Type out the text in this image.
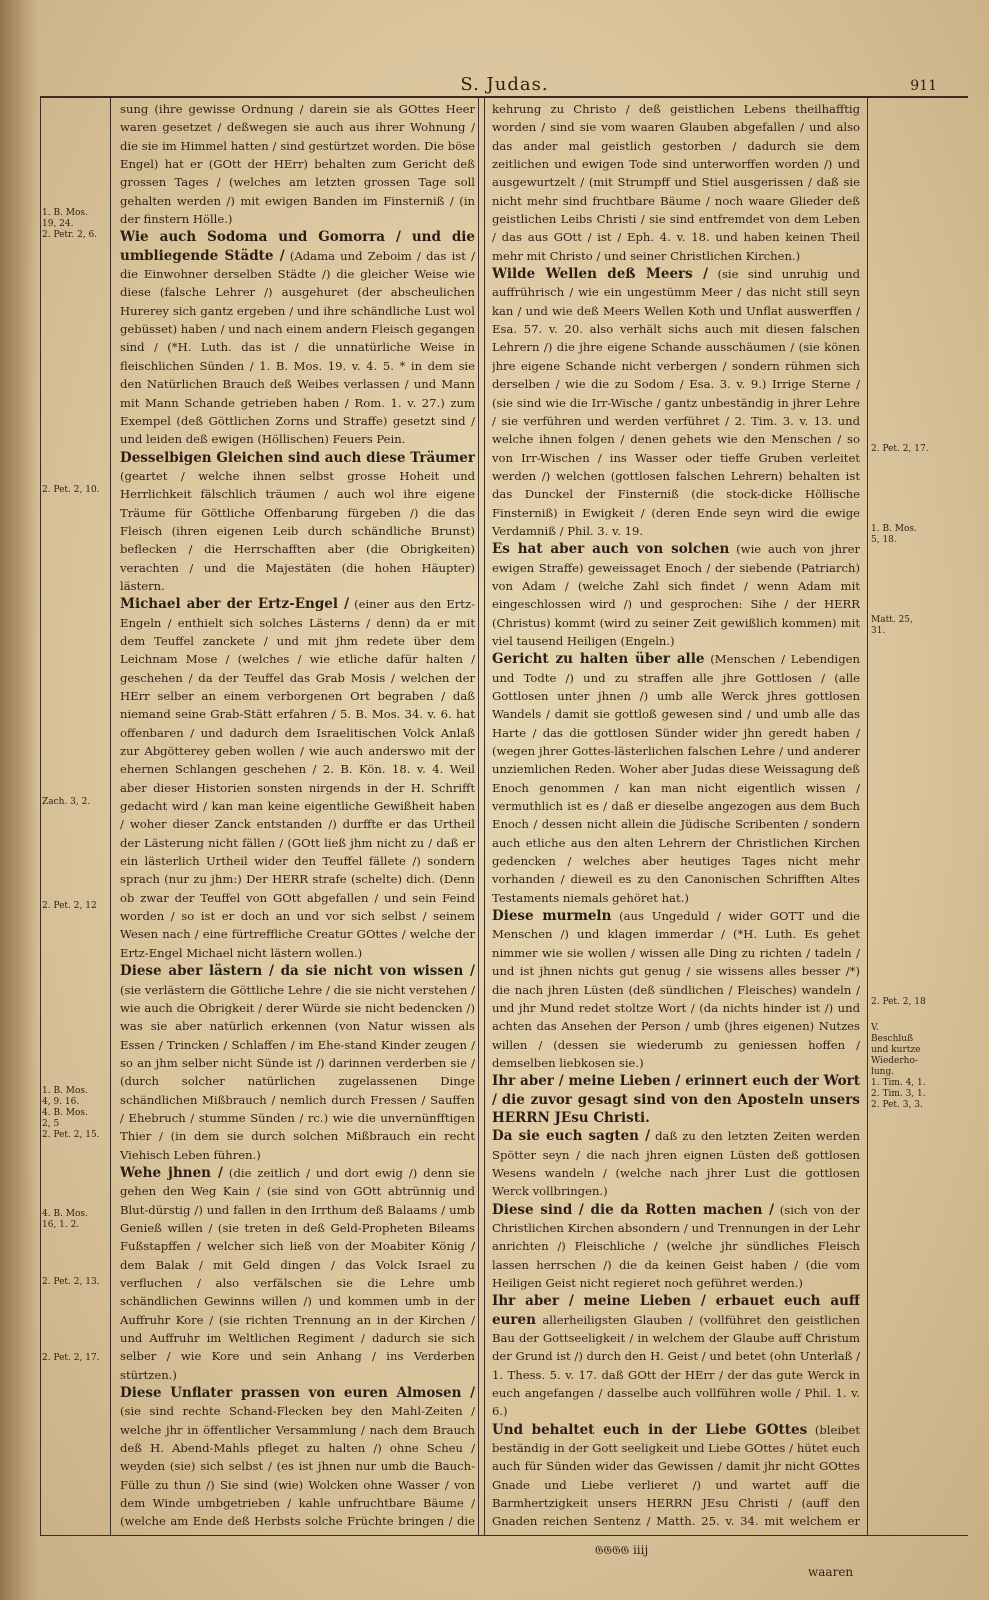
S. Judas.	911

sung (ihre gewisse Ordnung / darein sie als GOttes Heer waren gesetzet / deßwegen sie auch aus ihrer Wohnung / die sie im Himmel hatten / sind gestürtzet worden. Die böse Engel) hat er (GOtt der HErr) behalten zum Gericht deß grossen Tages / (welches am letzten grossen Tage soll gehalten werden /) mit ewigen Banden im Finsterniß / (in der finstern Hölle.)

Wie auch Sodoma und Gomorra / und die umbliegende Städte / (Adama und Zeboim / das ist / die Einwohner derselben Städte /) die gleicher Weise wie diese (falsche Lehrer /) ausgehuret (der abscheulichen Hurerey sich gantz ergeben / und ihre schändliche Lust wol gebüsset) haben / und nach einem andern Fleisch gegangen sind / (*H. Luth. das ist / die unnatürliche Weise in fleischlichen Sünden / 1. B. Mos. 19. v. 4. 5. * in dem sie den Natürlichen Brauch deß Weibes verlassen / und Mann mit Mann Schande getrieben haben / Rom. 1. v. 27.) zum Exempel (deß Göttlichen Zorns und Straffe) gesetzt sind / und leiden deß ewigen (Höllischen) Feuers Pein.

Desselbigen Gleichen sind auch diese Träumer (geartet / welche ihnen selbst grosse Hoheit und Herrlichkeit fälschlich träumen / auch wol ihre eigene Träume für Göttliche Offenbarung fürgeben /) die das Fleisch (ihren eigenen Leib durch schändliche Brunst) beflecken / die Herrschafften aber (die Obrigkeiten) verachten / und die Majestäten (die hohen Häupter) lästern.

Michael aber der Ertz-Engel / (einer aus den Ertz-Engeln / enthielt sich solches Lästerns / denn) da er mit dem Teuffel zanckete / und mit jhm redete über dem Leichnam Mose / (welches / wie etliche dafür halten / geschehen / da der Teuffel das Grab Mosis / welchen der HErr selber an einem verborgenen Ort begraben / daß niemand seine Grab-Stätt erfahren / 5. B. Mos. 34. v. 6. hat offenbaren / und dadurch dem Israelitischen Volck Anlaß zur Abgötterey geben wollen / wie auch anderswo mit der ehernen Schlangen geschehen / 2. B. Kön. 18. v. 4. Weil aber dieser Historien sonsten nirgends in der H. Schrifft gedacht wird / kan man keine eigentliche Gewißheit haben / woher dieser Zanck entstanden /) durffte er das Urtheil der Lästerung nicht fällen / (GOtt ließ jhm nicht zu / daß er ein lästerlich Urtheil wider den Teuffel fällete /) sondern sprach (nur zu jhm:) Der HERR strafe (schelte) dich. (Denn ob zwar der Teuffel von GOtt abgefallen / und sein Feind worden / so ist er doch an und vor sich selbst / seinem Wesen nach / eine fürtreffliche Creatur GOttes / welche der Ertz-Engel Michael nicht lästern wollen.)

Diese aber lästern / da sie nicht von wissen / (sie verlästern die Göttliche Lehre / die sie nicht verstehen / wie auch die Obrigkeit / derer Würde sie nicht bedencken /) was sie aber natürlich erkennen (von Natur wissen als Essen / Trincken / Schlaffen / im Ehe-stand Kinder zeugen / so an jhm selber nicht Sünde ist /) darinnen verderben sie / (durch solcher natürlichen zugelassenen Dinge schändlichen Mißbrauch / nemlich durch Fressen / Sauffen / Ehebruch / stumme Sünden / rc.) wie die unvernünfftigen Thier / (in dem sie durch solchen Mißbrauch ein recht Viehisch Leben führen.)

Wehe jhnen / (die zeitlich / und dort ewig /) denn sie gehen den Weg Kain / (sie sind von GOtt abtrünnig und Blut-dürstig /) und fallen in den Irrthum deß Balaams / umb Genieß willen / (sie treten in deß Geld-Propheten Bileams Fußstapffen / welcher sich ließ von der Moabiter König / dem Balak / mit Geld dingen / das Volck Israel zu verfluchen / also verfälschen sie die Lehre umb schändlichen Gewinns willen /) und kommen umb in der Auffruhr Kore / (sie richten Trennung an in der Kirchen / und Auffruhr im Weltlichen Regiment / dadurch sie sich selber / wie Kore und sein Anhang / ins Verderben stürtzen.)

Diese Unflater prassen von euren Almosen / (sie sind rechte Schand-Flecken bey den Mahl-Zeiten / welche jhr in öffentlicher Versammlung / nach dem Brauch deß H. Abend-Mahls pfleget zu halten /) ohne Scheu / weyden (sie) sich selbst / (es ist jhnen nur umb die Bauch-Fülle zu thun /) Sie sind (wie) Wolcken ohne Wasser / von dem Winde umbgetrieben / kahle unfruchtbare Bäume / (welche am Ende deß Herbsts solche Früchte bringen / die

kehrung zu Christo / deß geistlichen Lebens theilhafftig worden / sind sie vom waaren Glauben abgefallen / und also das ander mal geistlich gestorben / dadurch sie dem zeitlichen und ewigen Tode sind unterworffen worden /) und ausgewurtzelt / (mit Strumpff und Stiel ausgerissen / daß sie nicht mehr sind fruchtbare Bäume / noch waare Glieder deß geistlichen Leibs Christi / sie sind entfremdet von dem Leben / das aus GOtt / ist / Eph. 4. v. 18. und haben keinen Theil mehr mit Christo / und seiner Christlichen Kirchen.)

Wilde Wellen deß Meers / (sie sind unruhig und auffrührisch / wie ein ungestümm Meer / das nicht still seyn kan / und wie deß Meers Wellen Koth und Unflat auswerffen / Esa. 57. v. 20. also verhält sichs auch mit diesen falschen Lehrern /) die jhre eigene Schande ausschäumen / (sie könen jhre eigene Schande nicht verbergen / sondern rühmen sich derselben / wie die zu Sodom / Esa. 3. v. 9.) Irrige Sterne / (sie sind wie die Irr-Wische / gantz unbeständig in jhrer Lehre / sie verführen und werden verführet / 2. Tim. 3. v. 13. und welche ihnen folgen / denen gehets wie den Menschen / so von Irr-Wischen / ins Wasser oder tieffe Gruben verleitet werden /) welchen (gottlosen falschen Lehrern) behalten ist das Dunckel der Finsterniß (die stock-dicke Höllische Finsterniß) in Ewigkeit / (deren Ende seyn wird die ewige Verdamniß / Phil. 3. v. 19.

Es hat aber auch von solchen (wie auch von jhrer ewigen Straffe) geweissaget Enoch / der siebende (Patriarch) von Adam / (welche Zahl sich findet / wenn Adam mit eingeschlossen wird /) und gesprochen: Sihe / der HERR (Christus) kommt (wird zu seiner Zeit gewißlich kommen) mit viel tausend Heiligen (Engeln.)

Gericht zu halten über alle (Menschen / Lebendigen und Todte /) und zu straffen alle jhre Gottlosen / (alle Gottlosen unter jhnen /) umb alle Werck jhres gottlosen Wandels / damit sie gottloß gewesen sind / und umb alle das Harte / das die gottlosen Sünder wider jhn geredt haben / (wegen jhrer Gottes-lästerlichen falschen Lehre / und anderer unziemlichen Reden. Woher aber Judas diese Weissagung deß Enoch genommen / kan man nicht eigentlich wissen / vermuthlich ist es / daß er dieselbe angezogen aus dem Buch Enoch / dessen nicht allein die Jüdische Scribenten / sondern auch etliche aus den alten Lehrern der Christlichen Kirchen gedencken / welches aber heutiges Tages nicht mehr vorhanden / dieweil es zu den Canonischen Schrifften Altes Testaments niemals gehöret hat.)

Diese murmeln (aus Ungeduld / wider GOTT und die Menschen /) und klagen immerdar / (*H. Luth. Es gehet nimmer wie sie wollen / wissen alle Ding zu richten / tadeln / und ist jhnen nichts gut genug / sie wissens alles besser /*) die nach jhren Lüsten (deß sündlichen / Fleisches) wandeln / und jhr Mund redet stoltze Wort / (da nichts hinder ist /) und achten das Ansehen der Person / umb (jhres eigenen) Nutzes willen / (dessen sie wiederumb zu geniessen hoffen / demselben liebkosen sie.)

Ihr aber / meine Lieben / erinnert euch der Wort / die zuvor gesagt sind von den Aposteln unsers HERRN JEsu Christi.

Da sie euch sagten / daß zu den letzten Zeiten werden Spötter seyn / die nach jhren eignen Lüsten deß gottlosen Wesens wandeln / (welche nach jhrer Lust die gottlosen Werck vollbringen.)

Diese sind / die da Rotten machen / (sich von der Christlichen Kirchen absondern / und Trennungen in der Lehr anrichten /) Fleischliche / (welche jhr sündliches Fleisch lassen herrschen /) die da keinen Geist haben / (die vom Heiligen Geist nicht regieret noch geführet werden.)

Ihr aber / meine Lieben / erbauet euch auff euren allerheiligsten Glauben / (vollführet den geistlichen Bau der Gottseeligkeit / in welchem der Glaube auff Christum der Grund ist /) durch den H. Geist / und betet (ohn Unterlaß / 1. Thess. 5. v. 17. daß GOtt der HErr / der das gute Werck in euch angefangen / dasselbe auch vollführen wolle / Phil. 1. v. 6.)

Und behaltet euch in der Liebe GOttes (bleibet beständig in der Gott seeligkeit und Liebe GOttes / hütet euch auch für Sünden wider das Gewissen / damit jhr nicht GOttes Gnade und Liebe verlieret /) und wartet auff die Barmhertzigkeit unsers HERRN JEsu Christi / (auff den Gnaden reichen Sentenz / Matth. 25. v. 34. mit welchem er

1. B. Mos.
19, 24.
2. Petr. 2, 6.
2. Pet. 2, 10.
Zach. 3, 2.
2. Pet. 2, 12
1. B. Mos.
4, 9. 16.
4. B. Mos.
2, 5
2. Pet. 2, 15.
4. B. Mos.
16, 1. 2.
2. Pet. 2, 13.
2. Pet. 2, 17.
2. Pet. 2, 17.
1. B. Mos.
5, 18.
Matt. 25,
31.
2. Pet. 2, 18
V.
Beschluß
und kurtze
Wiederho-
lung.
1. Tim. 4, 1.
2. Tim. 3, 1.
2. Pet. 3, 3.
𝔊𝔊𝔊𝔊 iiij
waaren
